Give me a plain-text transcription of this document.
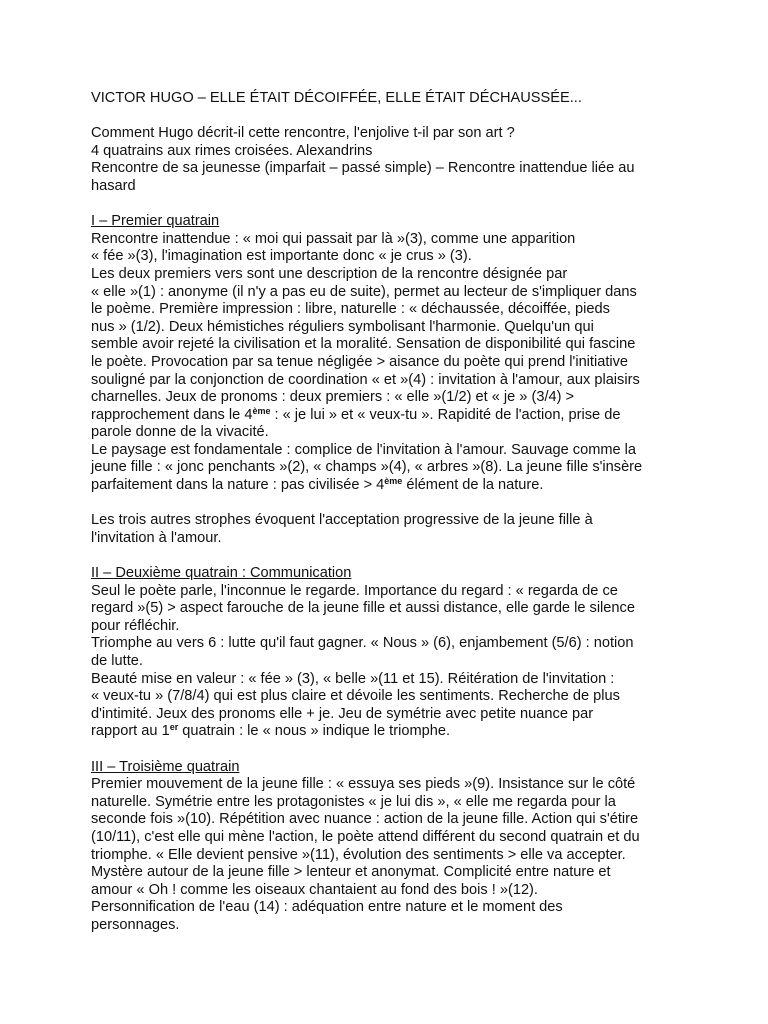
VICTOR HUGO – ELLE ÉTAIT DÉCOIFFÉE, ELLE ÉTAIT DÉCHAUSSÉE...
Comment Hugo décrit-il cette rencontre, l'enjolive t-il par son art ?
4 quatrains aux rimes croisées. Alexandrins
Rencontre de sa jeunesse (imparfait – passé simple) – Rencontre inattendue liée au
hasard
I – Premier quatrain
Rencontre inattendue : « moi qui passait par là »(3), comme une apparition
« fée »(3), l'imagination est importante donc « je crus » (3).
Les deux premiers vers sont une description de la rencontre désignée par
« elle »(1) : anonyme (il n'y a pas eu de suite), permet au lecteur de s'impliquer dans
le poème. Première impression : libre, naturelle : « déchaussée, décoiffée, pieds
nus » (1/2). Deux hémistiches réguliers symbolisant l'harmonie. Quelqu'un qui
semble avoir rejeté la civilisation et la moralité. Sensation de disponibilité qui fascine
le poète. Provocation par sa tenue négligée > aisance du poète qui prend l'initiative
souligné par la conjonction de coordination « et »(4) : invitation à l'amour, aux plaisirs
charnelles. Jeux de pronoms : deux premiers : « elle »(1/2) et « je » (3/4) >
rapprochement dans le 4ème : « je lui » et « veux-tu ». Rapidité de l'action, prise de
parole donne de la vivacité.
Le paysage est fondamentale : complice de l'invitation à l'amour. Sauvage comme la
jeune fille : « jonc penchants »(2), « champs »(4), « arbres »(8). La jeune fille s'insère
parfaitement dans la nature : pas civilisée > 4ème élément de la nature.
Les trois autres strophes évoquent l'acceptation progressive de la jeune fille à
l'invitation à l'amour.
II – Deuxième quatrain : Communication
Seul le poète parle, l'inconnue le regarde. Importance du regard : « regarda de ce
regard »(5) > aspect farouche de la jeune fille et aussi distance, elle garde le silence
pour réfléchir.
Triomphe au vers 6 : lutte qu'il faut gagner. « Nous » (6), enjambement (5/6) : notion
de lutte.
Beauté mise en valeur : « fée » (3), « belle »(11 et 15). Réitération de l'invitation :
« veux-tu » (7/8/4) qui est plus claire et dévoile les sentiments. Recherche de plus
d'intimité. Jeux des pronoms elle + je. Jeu de symétrie avec petite nuance par
rapport au 1er quatrain : le « nous » indique le triomphe.
III – Troisième quatrain
Premier mouvement de la jeune fille : « essuya ses pieds »(9). Insistance sur le côté
naturelle. Symétrie entre les protagonistes « je lui dis », « elle me regarda pour la
seconde fois »(10). Répétition avec nuance : action de la jeune fille. Action qui s'étire
(10/11), c'est elle qui mène l'action, le poète attend différent du second quatrain et du
triomphe. « Elle devient pensive »(11), évolution des sentiments > elle va accepter.
Mystère autour de la jeune fille > lenteur et anonymat. Complicité entre nature et
amour « Oh ! comme les oiseaux chantaient au fond des bois ! »(12).
Personnification de l'eau (14) : adéquation entre nature et le moment des
personnages.
